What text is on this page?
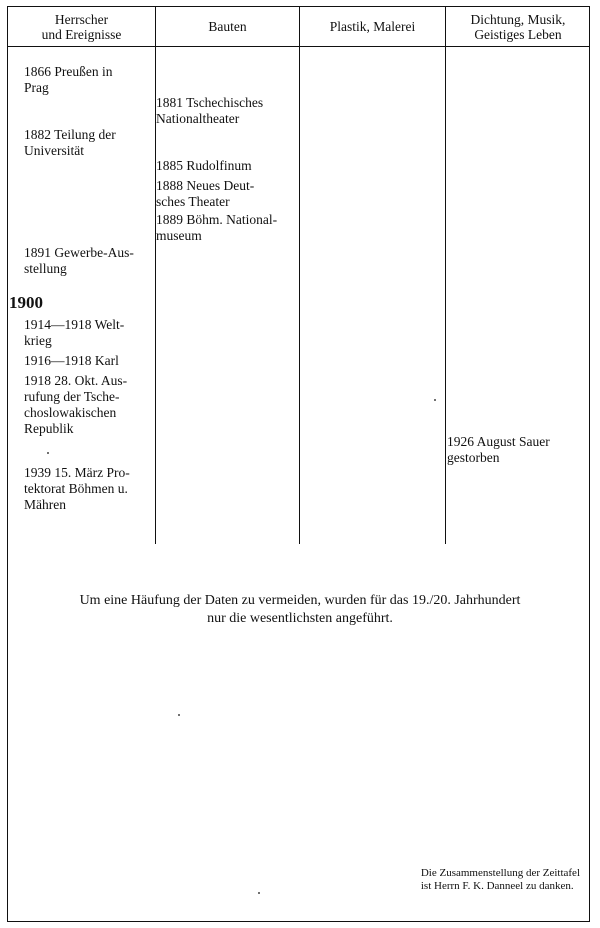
Herrscher
und Ereignisse
Bauten	Plastik, Malerei	Dichtung, Musik,
Geistiges Leben

1866 Preußen in
Prag

1882 Teilung der
Universität

1891 Gewerbe-Aus-
stellung

1900

1914—1918 Welt-
krieg

1916—1918 Karl

1918 28. Okt. Aus-
rufung der Tsche-
choslowakischen
Republik

1939 15. März Pro-
tektorat Böhmen u.
Mähren

1881 Tschechisches
Nationaltheater

1885 Rudolfinum

1888 Neues Deut-
sches Theater

1889 Böhm. National-
museum

1926 August Sauer
gestorben

Um eine Häufung der Daten zu vermeiden, wurden für das 19./20. Jahrhundert
nur die wesentlichsten angeführt.
Die Zusammenstellung der Zeittafel
ist Herrn F. K. Danneel zu danken.
